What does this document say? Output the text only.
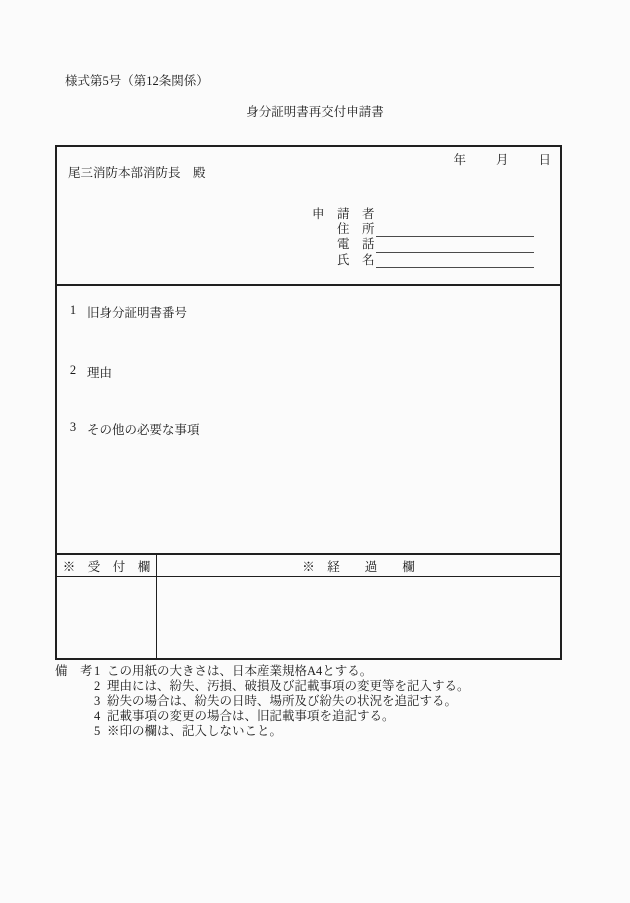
様式第5号（第12条関係）
身分証明書再交付申請書
年 月 日
尾三消防本部消防長　殿
申　請　者
住　所
電　話
氏　名
1 旧身分証明書番号
2 理由
3 その他の必要な事項
※　受　付　欄	※　経　　過　　欄
備　考 1 この用紙の大きさは、日本産業規格A4とする。
2 理由には、紛失、汚損、破損及び記載事項の変更等を記入する。
3 紛失の場合は、紛失の日時、場所及び紛失の状況を追記する。
4 記載事項の変更の場合は、旧記載事項を追記する。
5 ※印の欄は、記入しないこと。
